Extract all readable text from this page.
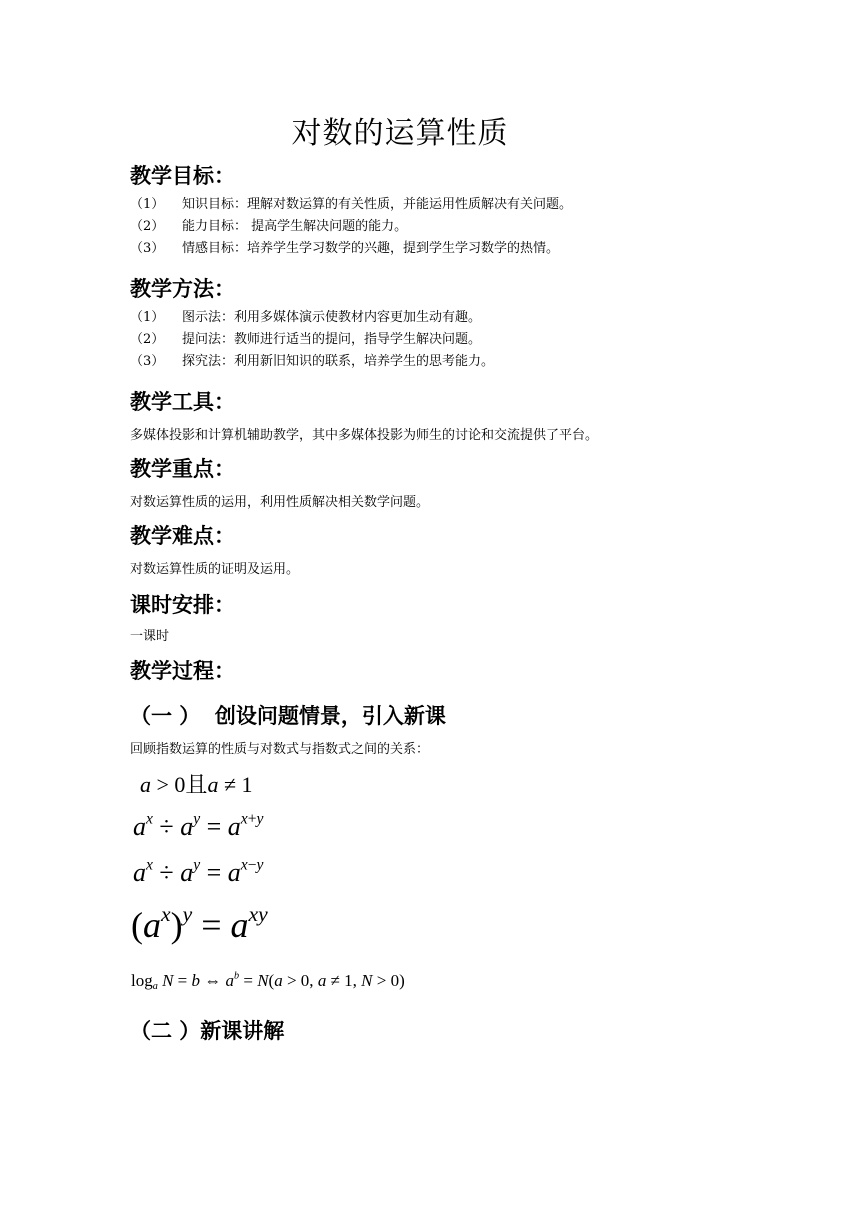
对数的运算性质
教学目标：
（1） 知识目标：理解对数运算的有关性质，并能运用性质解决有关问题。
（2） 能力目标： 提高学生解决问题的能力。
（3） 情感目标：培养学生学习数学的兴趣，提到学生学习数学的热情。
教学方法：
（1） 图示法：利用多媒体演示使教材内容更加生动有趣。
（2） 提问法：教师进行适当的提问，指导学生解决问题。
（3） 探究法：利用新旧知识的联系，培养学生的思考能力。
教学工具：
多媒体投影和计算机辅助教学，其中多媒体投影为师生的讨论和交流提供了平台。
教学重点：
对数运算性质的运用，利用性质解决相关数学问题。
教学难点：
对数运算性质的证明及运用。
课时安排：
一课时
教学过程：
（一 ）  创设问题情景，引入新课
回顾指数运算的性质与对数式与指数式之间的关系：
a > 0且a ≠ 1
$a^x \div a^y = a^{x+y}$
$a^x \div a^y = a^{x-y}$
$(a^x)^y = a^{xy}$
$\log_a N = b$ ⇔ $a^b = N(a > 0$, a ≠ 1, N > 0)
（二 ）新课讲解
